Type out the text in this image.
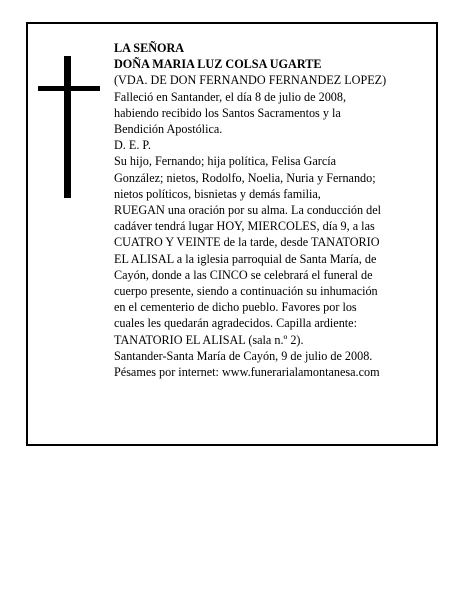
LA SEÑORA
DOÑA MARIA LUZ COLSA UGARTE
(VDA. DE DON FERNANDO FERNANDEZ LOPEZ)
Falleció en Santander, el día 8 de julio de 2008,
habiendo recibido los Santos Sacramentos y la
Bendición Apostólica.
D. E. P.
Su hijo, Fernando; hija política, Felisa García
González; nietos, Rodolfo, Noelia, Nuria y Fernando;
nietos políticos, bisnietas y demás familia,
RUEGAN una oración por su alma. La conducción del
cadáver tendrá lugar HOY, MIERCOLES, día 9, a las
CUATRO Y VEINTE de la tarde, desde TANATORIO
EL ALISAL a la iglesia parroquial de Santa María, de
Cayón, donde a las CINCO se celebrará el funeral de
cuerpo presente, siendo a continuación su inhumación
en el cementerio de dicho pueblo. Favores por los
cuales les quedarán agradecidos. Capilla ardiente:
TANATORIO EL ALISAL (sala n.º 2).
Santander-Santa María de Cayón, 9 de julio de 2008.
Pésames por internet: www.funerarialamontanesa.com
